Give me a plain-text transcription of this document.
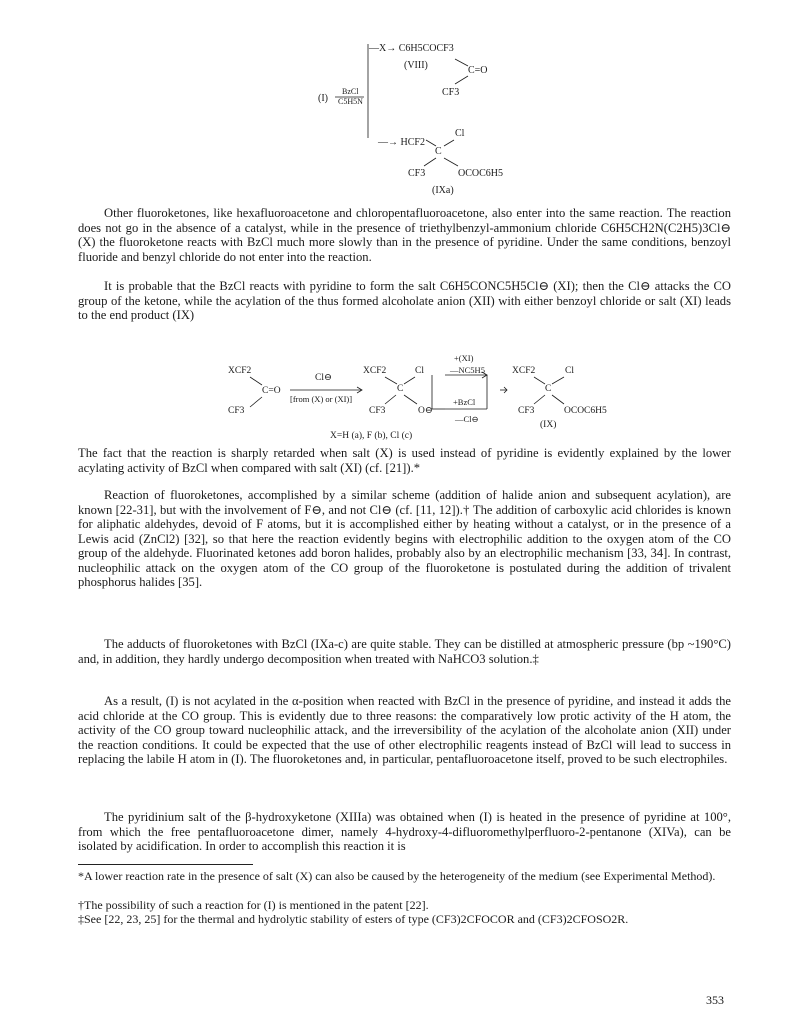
—X→ C6H5COCF3
(VIII)	C=O
CF3
(I)
BzCl
C5H5N
—→ HCF2
Cl
C
CF3	OCOC6H5
(IXa)

Other fluoroketones, like hexafluoroacetone and chloropentafluoroacetone, also enter into the same reaction. The reaction does not go in the absence of a catalyst, while in the presence of triethylbenzyl-ammonium chloride C6H5CH2N(C2H5)3Cl⊖ (X) the fluoroketone reacts with BzCl much more slowly than in the presence of pyridine. Under the same conditions, benzoyl fluoride and benzyl chloride do not enter into the reaction.

It is probable that the BzCl reacts with pyridine to form the salt C6H5CONC5H5Cl⊖ (XI); then the Cl⊖ attacks the CO group of the ketone, while the acylation of the thus formed alcoholate anion (XII) with either benzoyl chloride or salt (XI) leads to the end product (IX)

XCF2
Cl⊖
C=O
[from (X) or (XI)]
CF3
XCF2	Cl
C
CF3	O⊖
+(XI)
—NC5H5
+BzCl
—Cl⊖
XCF2	Cl
C
CF3	OCOC6H5
(IX)
X=H (a), F (b), Cl (c)

The fact that the reaction is sharply retarded when salt (X) is used instead of pyridine is evidently explained by the lower acylating activity of BzCl when compared with salt (XI) (cf. [21]).*

Reaction of fluoroketones, accomplished by a similar scheme (addition of halide anion and subsequent acylation), are known [22-31], but with the involvement of F⊖, and not Cl⊖ (cf. [11, 12]).† The addition of carboxylic acid chlorides is known for aliphatic aldehydes, devoid of F atoms, but it is accomplished either by heating without a catalyst, or in the presence of a Lewis acid (ZnCl2) [32], so that here the reaction evidently begins with electrophilic addition to the oxygen atom of the CO group of the aldehyde. Fluorinated ketones add boron halides, probably also by an electrophilic mechanism [33, 34]. In contrast, nucleophilic attack on the oxygen atom of the CO group of the fluoroketone is postulated during the addition of trivalent phosphorus halides [35].

The adducts of fluoroketones with BzCl (IXa-c) are quite stable. They can be distilled at atmospheric pressure (bp ~190°C) and, in addition, they hardly undergo decomposition when treated with NaHCO3 solution.‡

As a result, (I) is not acylated in the α-position when reacted with BzCl in the presence of pyridine, and instead it adds the acid chloride at the CO group. This is evidently due to three reasons: the comparatively low protic activity of the H atom, the activity of the CO group toward nucleophilic attack, and the irreversibility of the acylation of the alcoholate anion (XII) under the reaction conditions. It could be expected that the use of other electrophilic reagents instead of BzCl will lead to success in replacing the labile H atom in (I). The fluoroketones and, in particular, pentafluoroacetone itself, proved to be such electrophiles.

The pyridinium salt of the β-hydroxyketone (XIIIa) was obtained when (I) is heated in the presence of pyridine at 100°, from which the free pentafluoroacetone dimer, namely 4-hydroxy-4-difluoromethylperfluoro-2-pentanone (XIVa), can be isolated by acidification. In order to accomplish this reaction it is

*A lower reaction rate in the presence of salt (X) can also be caused by the heterogeneity of the medium (see Experimental Method).

†The possibility of such a reaction for (I) is mentioned in the patent [22].

‡See [22, 23, 25] for the thermal and hydrolytic stability of esters of type (CF3)2CFOCOR and (CF3)2CFOSO2R.

353
